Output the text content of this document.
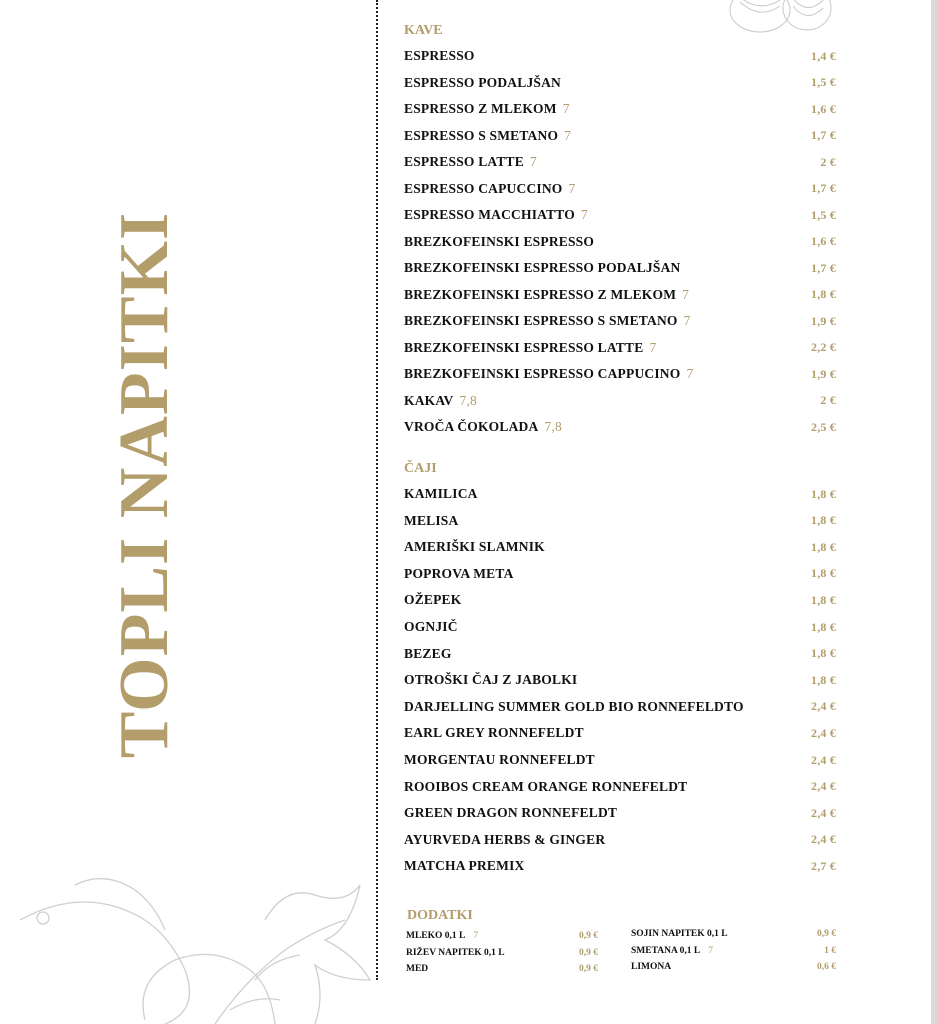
TOPLI NAPITKI
KAVE
ESPRESSO	1,4 €
ESPRESSO PODALJŠAN	1,5 €
ESPRESSO Z MLEKOM 7	1,6 €
ESPRESSO S SMETANO 7	1,7 €
ESPRESSO LATTE 7	2 €
ESPRESSO CAPUCCINO 7	1,7 €
ESPRESSO MACCHIATTO 7	1,5 €
BREZKOFEINSKI ESPRESSO	1,6 €
BREZKOFEINSKI ESPRESSO PODALJŠAN	1,7 €
BREZKOFEINSKI ESPRESSO Z MLEKOM 7	1,8 €
BREZKOFEINSKI ESPRESSO S SMETANO 7	1,9 €
BREZKOFEINSKI ESPRESSO LATTE 7	2,2 €
BREZKOFEINSKI ESPRESSO CAPPUCINO 7	1,9 €
KAKAV 7,8	2 €
VROČA ČOKOLADA 7,8	2,5 €
ČAJI
KAMILICA	1,8 €
MELISA	1,8 €
AMERIŠKI SLAMNIK	1,8 €
POPROVA META	1,8 €
OŽEPEK	1,8 €
OGNJIČ	1,8 €
BEZEG	1,8 €
OTROŠKI ČAJ Z JABOLKI	1,8 €
DARJELLING SUMMER GOLD BIO RONNEFELDTO	2,4 €
EARL GREY RONNEFELDT	2,4 €
MORGENTAU RONNEFELDT	2,4 €
ROOIBOS CREAM ORANGE RONNEFELDT	2,4 €
GREEN DRAGON RONNEFELDT	2,4 €
AYURVEDA HERBS & GINGER	2,4 €
MATCHA PREMIX	2,7 €
DODATKI
MLEKO 0,1 L 7	0,9 €
RIŽEV NAPITEK 0,1 L	0,9 €
MED	0,9 €
SOJIN NAPITEK 0,1 L	0,9 €
SMETANA 0,1 L 7	1 €
LIMONA	0,6 €
